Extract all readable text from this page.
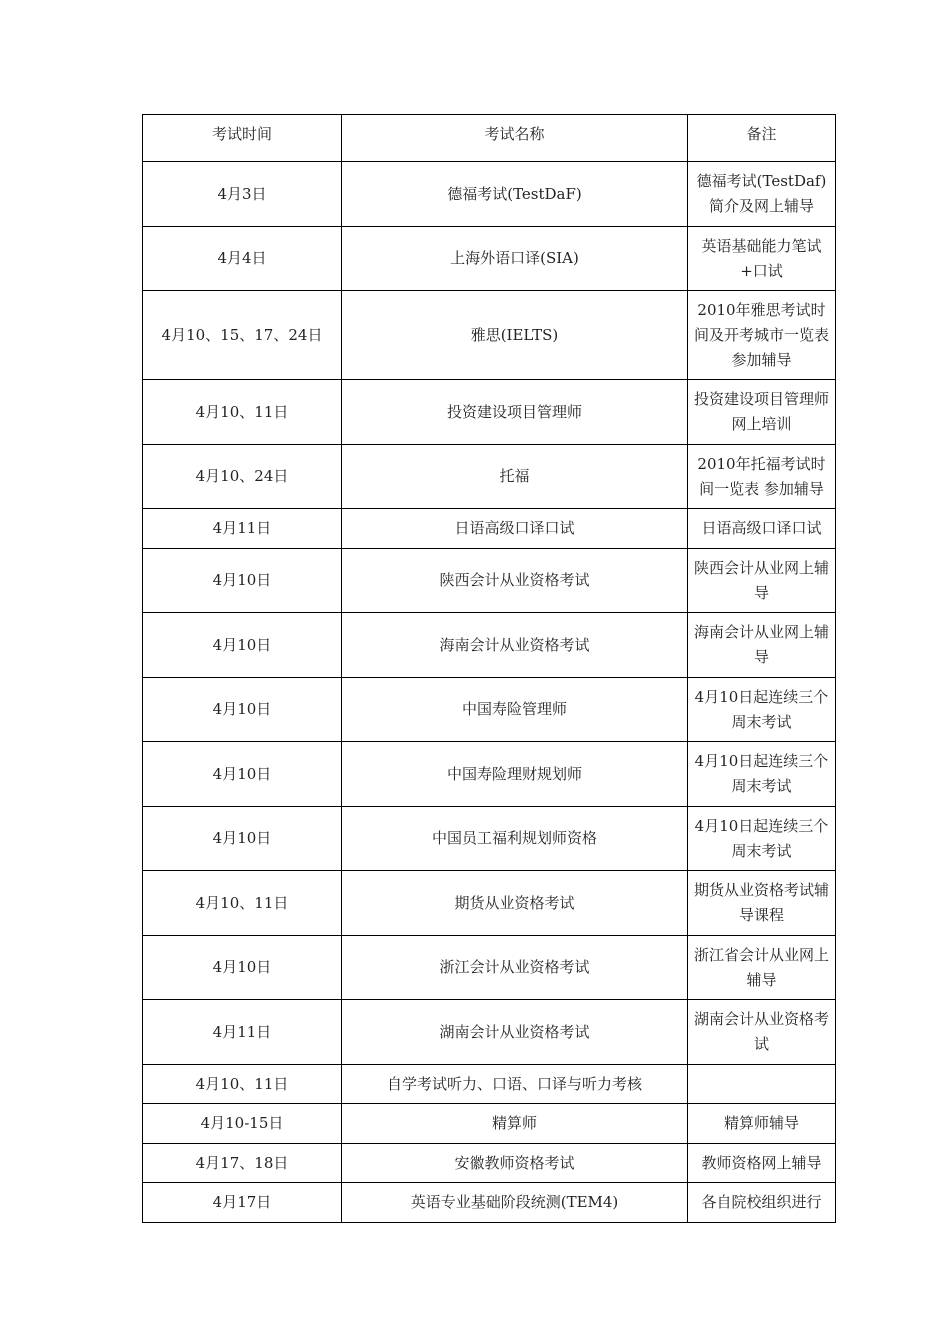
考试时间	考试名称	备注
4月3日	德福考试(TestDaF)	德福考试(TestDaf)简介及网上辅导
4月4日	上海外语口译(SIA)	英语基础能力笔试+口试
4月10、15、17、24日	雅思(IELTS)	2010年雅思考试时间及开考城市一览表 参加辅导
4月10、11日	投资建设项目管理师	投资建设项目管理师网上培训
4月10、24日	托福	2010年托福考试时间一览表 参加辅导
4月11日	日语高级口译口试	日语高级口译口试
4月10日	陕西会计从业资格考试	陕西会计从业网上辅导
4月10日	海南会计从业资格考试	海南会计从业网上辅导
4月10日	中国寿险管理师	4月10日起连续三个周末考试
4月10日	中国寿险理财规划师	4月10日起连续三个周末考试
4月10日	中国员工福利规划师资格	4月10日起连续三个周末考试
4月10、11日	期货从业资格考试	期货从业资格考试辅导课程
4月10日	浙江会计从业资格考试	浙江省会计从业网上辅导
4月11日	湖南会计从业资格考试	湖南会计从业资格考试
4月10、11日	自学考试听力、口语、口译与听力考核	
4月10-15日	精算师	精算师辅导
4月17、18日	安徽教师资格考试	教师资格网上辅导
4月17日	英语专业基础阶段统测(TEM4)	各自院校组织进行
